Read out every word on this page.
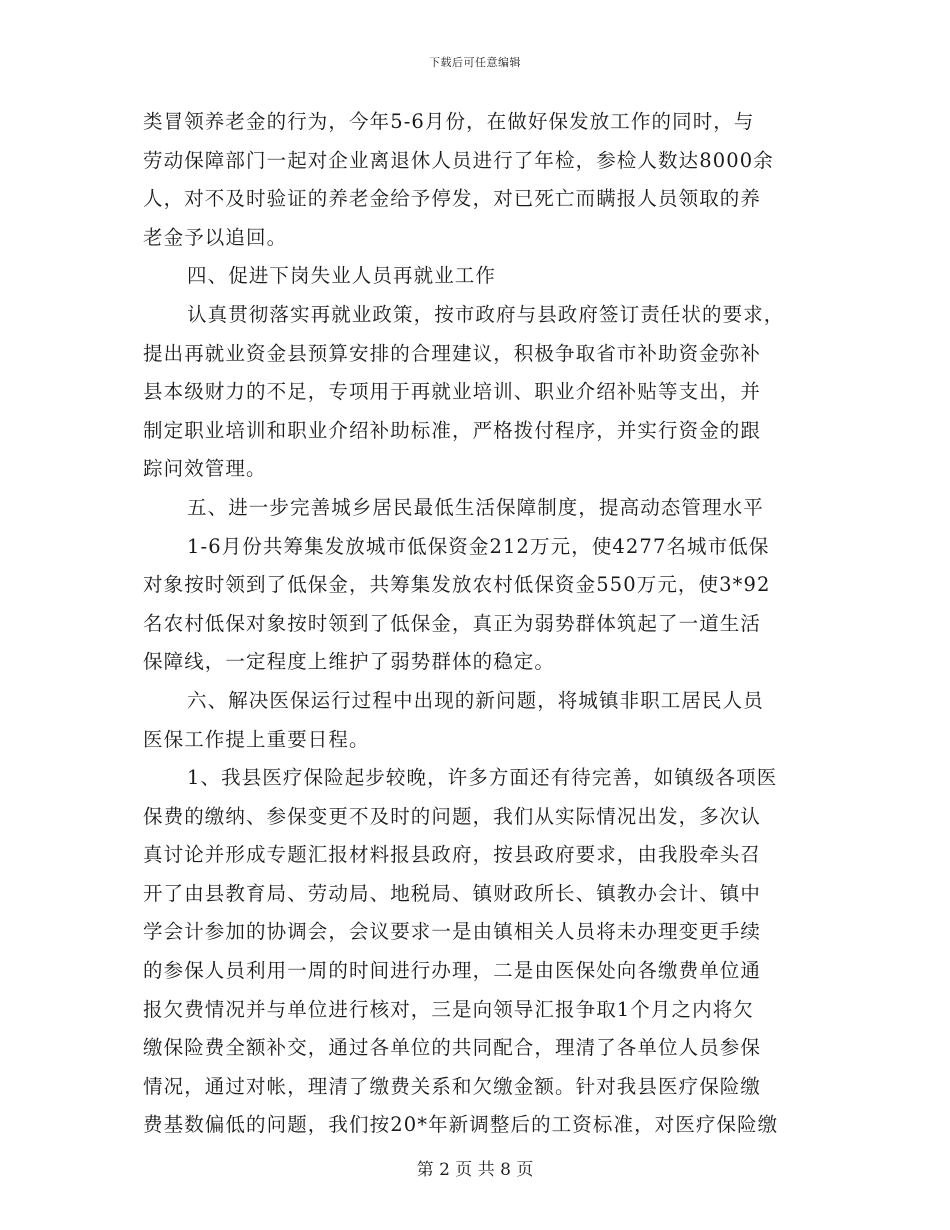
下载后可任意编辑
类冒领养老金的行为，今年5-6月份，在做好保发放工作的同时，与
劳动保障部门一起对企业离退休人员进行了年检，参检人数达8000余
人，对不及时验证的养老金给予停发，对已死亡而瞒报人员领取的养
老金予以追回。
四、促进下岗失业人员再就业工作
认真贯彻落实再就业政策，按市政府与县政府签订责任状的要求，
提出再就业资金县预算安排的合理建议，积极争取省市补助资金弥补
县本级财力的不足，专项用于再就业培训、职业介绍补贴等支出，并
制定职业培训和职业介绍补助标准，严格拨付程序，并实行资金的跟
踪问效管理。
五、进一步完善城乡居民最低生活保障制度，提高动态管理水平
1-6月份共筹集发放城市低保资金212万元，使4277名城市低保
对象按时领到了低保金，共筹集发放农村低保资金550万元，使3*92
名农村低保对象按时领到了低保金，真正为弱势群体筑起了一道生活
保障线，一定程度上维护了弱势群体的稳定。
六、解决医保运行过程中出现的新问题，将城镇非职工居民人员
医保工作提上重要日程。
1、我县医疗保险起步较晚，许多方面还有待完善，如镇级各项医
保费的缴纳、参保变更不及时的问题，我们从实际情况出发，多次认
真讨论并形成专题汇报材料报县政府，按县政府要求，由我股牵头召
开了由县教育局、劳动局、地税局、镇财政所长、镇教办会计、镇中
学会计参加的协调会，会议要求一是由镇相关人员将未办理变更手续
的参保人员利用一周的时间进行办理，二是由医保处向各缴费单位通
报欠费情况并与单位进行核对，三是向领导汇报争取1个月之内将欠
缴保险费全额补交，通过各单位的共同配合，理清了各单位人员参保
情况，通过对帐，理清了缴费关系和欠缴金额。针对我县医疗保险缴
费基数偏低的问题，我们按20*年新调整后的工资标准，对医疗保险缴
第 2 页 共 8 页
